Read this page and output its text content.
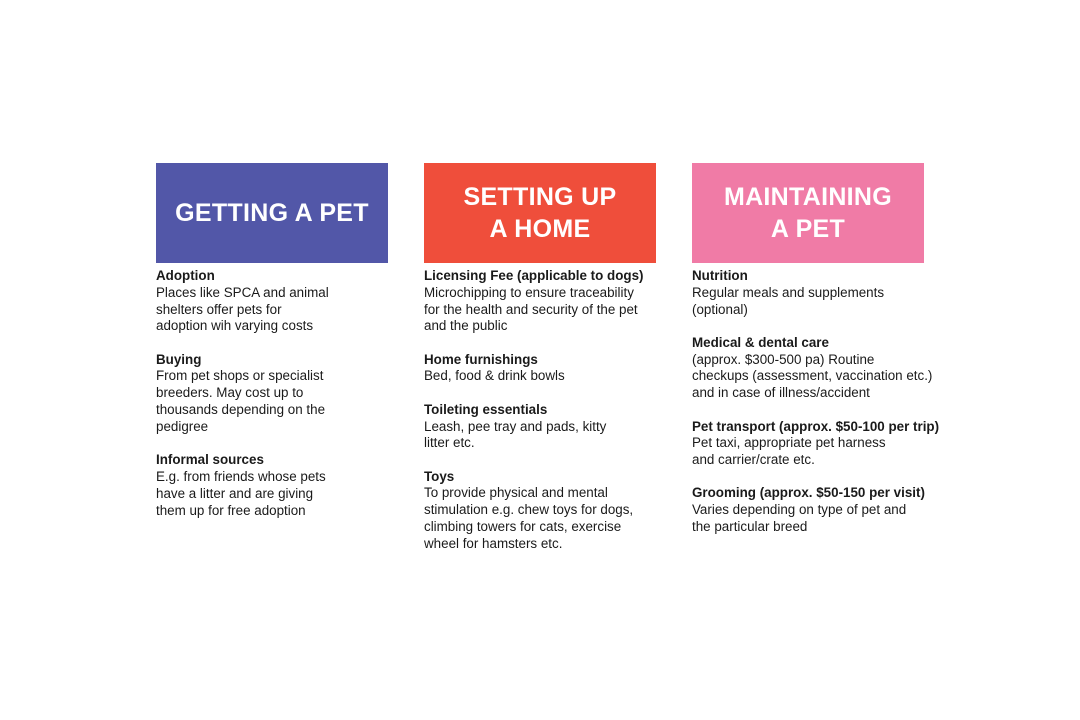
GETTING A PET
Adoption
Places like SPCA and animal
shelters offer pets for
adoption wih varying costs
Buying
From pet shops or specialist
breeders. May cost up to
thousands depending on the
pedigree
Informal sources
E.g. from friends whose pets
have a litter and are giving
them up for free adoption
SETTING UP
A HOME
Licensing Fee (applicable to dogs)
Microchipping to ensure traceability
for the health and security of the pet
and the public
Home furnishings
Bed, food & drink bowls
Toileting essentials
Leash, pee tray and pads, kitty
litter etc.
Toys
To provide physical and mental
stimulation e.g. chew toys for dogs,
climbing towers for cats, exercise
wheel for hamsters etc.
MAINTAINING
A PET
Nutrition
Regular meals and supplements
(optional)
Medical & dental care
(approx. $300-500 pa) Routine
checkups (assessment, vaccination etc.)
and in case of illness/accident
Pet transport (approx. $50-100 per trip)
Pet taxi, appropriate pet harness
and carrier/crate etc.
Grooming (approx. $50-150 per visit)
Varies depending on type of pet and
the particular breed
